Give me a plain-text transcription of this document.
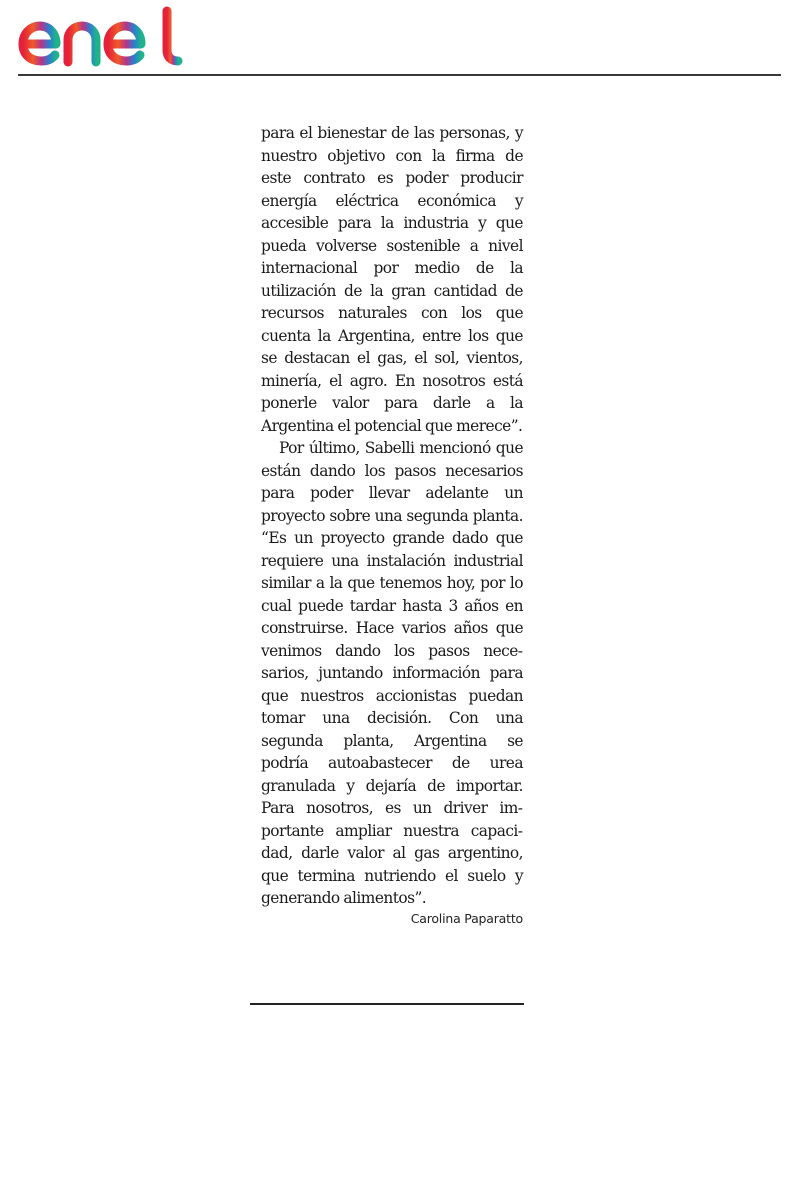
para el bienestar de las personas, y nuestro objetivo con la firma de este contrato es poder producir energía eléctrica económica y accesible para la industria y que pueda volverse sostenible a nivel internacional por medio de la utilización de la gran cantidad de recursos naturales con los que cuenta la Argentina, entre los que se destacan el gas, el sol, vientos, minería, el agro. En nosotros está ponerle valor para darle a la Argentina el potencial que merece”.

Por último, Sabelli mencionó que están dando los pasos necesarios para poder llevar adelante un proyecto sobre una segunda planta. “Es un proyecto grande dado que requiere una instalación industrial similar a la que tenemos hoy, por lo cual puede tardar hasta 3 años en construirse. Hace varios años que venimos dando los pasos necesarios, juntando información para que nuestros accionistas puedan tomar una decisión. Con una segunda planta, Argentina se podría autoabastecer de urea granulada y dejaría de importar. Para nosotros, es un driver importante ampliar nuestra capacidad, darle valor al gas argentino, que termina nutriendo el suelo y generando alimentos”.

Carolina Paparatto
